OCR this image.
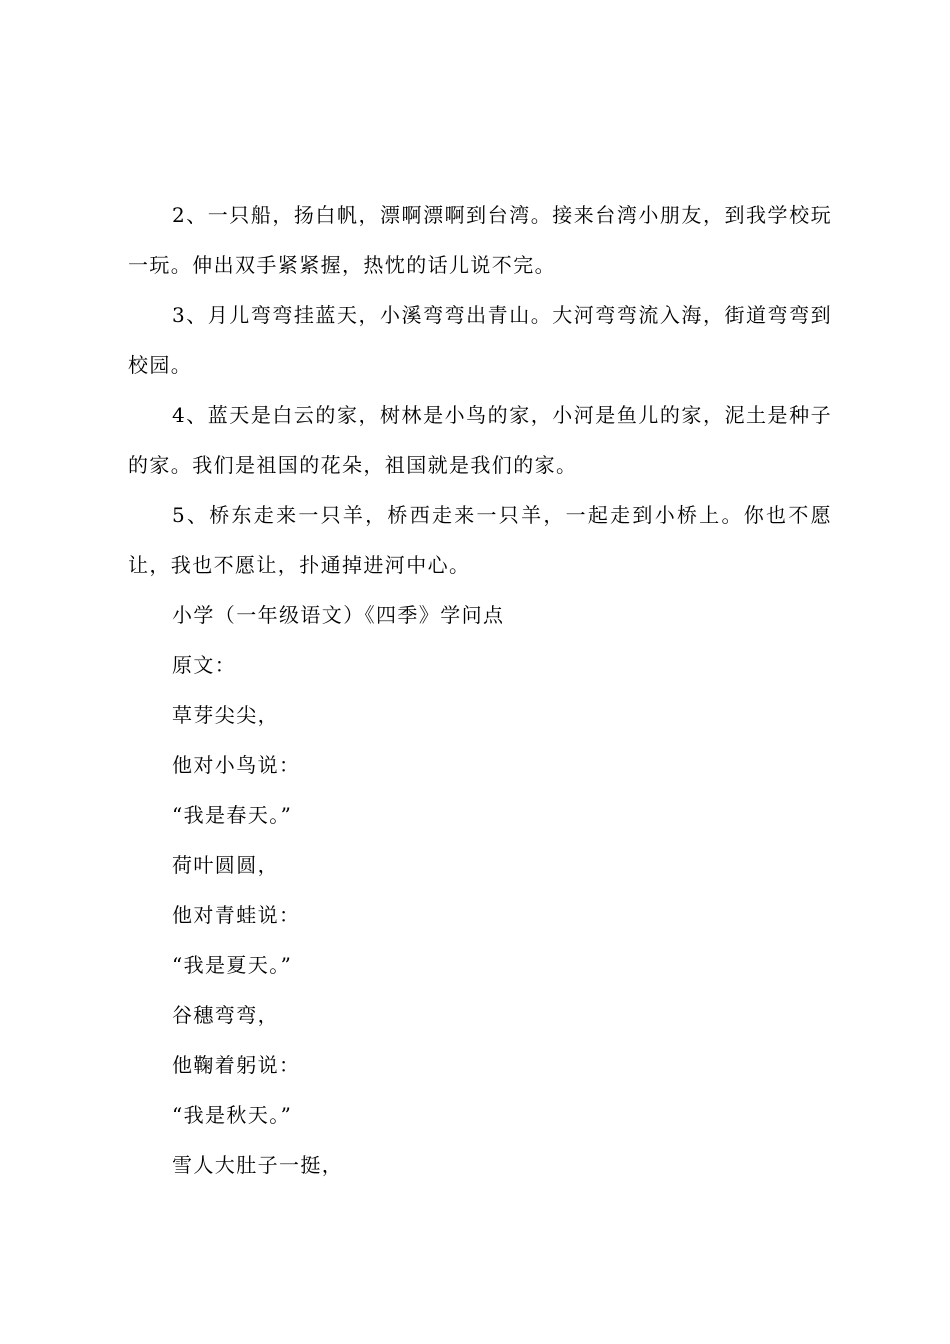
2、一只船，扬白帆，漂啊漂啊到台湾。接来台湾小朋友，到我学校玩一玩。伸出双手紧紧握，热忱的话儿说不完。

3、月儿弯弯挂蓝天，小溪弯弯出青山。大河弯弯流入海，街道弯弯到校园。

4、蓝天是白云的家，树林是小鸟的家，小河是鱼儿的家，泥土是种子的家。我们是祖国的花朵，祖国就是我们的家。

5、桥东走来一只羊，桥西走来一只羊，一起走到小桥上。你也不愿让，我也不愿让，扑通掉进河中心。

小学（一年级语文）《四季》学问点

原文：

草芽尖尖，

他对小鸟说：

“我是春天。”

荷叶圆圆，

他对青蛙说：

“我是夏天。”

谷穗弯弯，

他鞠着躬说：

“我是秋天。”

雪人大肚子一挺，
